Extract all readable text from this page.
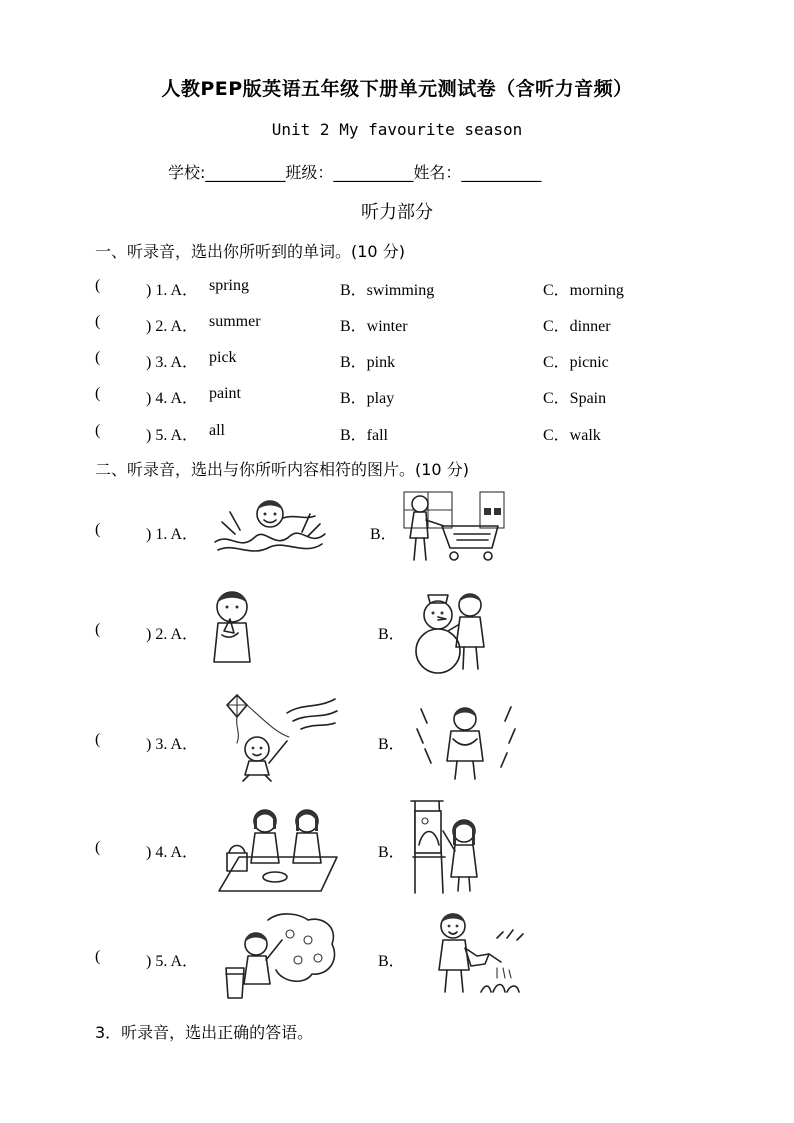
人教PEP版英语五年级下册单元测试卷（含听力音频）
Unit 2 My favourite season
学校:__________班级：__________姓名：__________
听力部分
一、听录音，选出你所听到的单词。(10 分)
(	) 1. A． spring	B．swimming	C．morning
(	) 2. A． summer	B．winter	C．dinner
(	) 3. A． pick	B．pink	C．picnic
(	) 4. A． paint	B．play	C．Spain
(	) 5. A． all	B．fall	C．walk
二、听录音，选出与你所听内容相符的图片。(10 分)
(	) 1. A．	B．
(	) 2. A．	B．
(	) 3. A．	B．
(	) 4. A．	B．
(	) 5. A．	B．
3．听录音，选出正确的答语。
